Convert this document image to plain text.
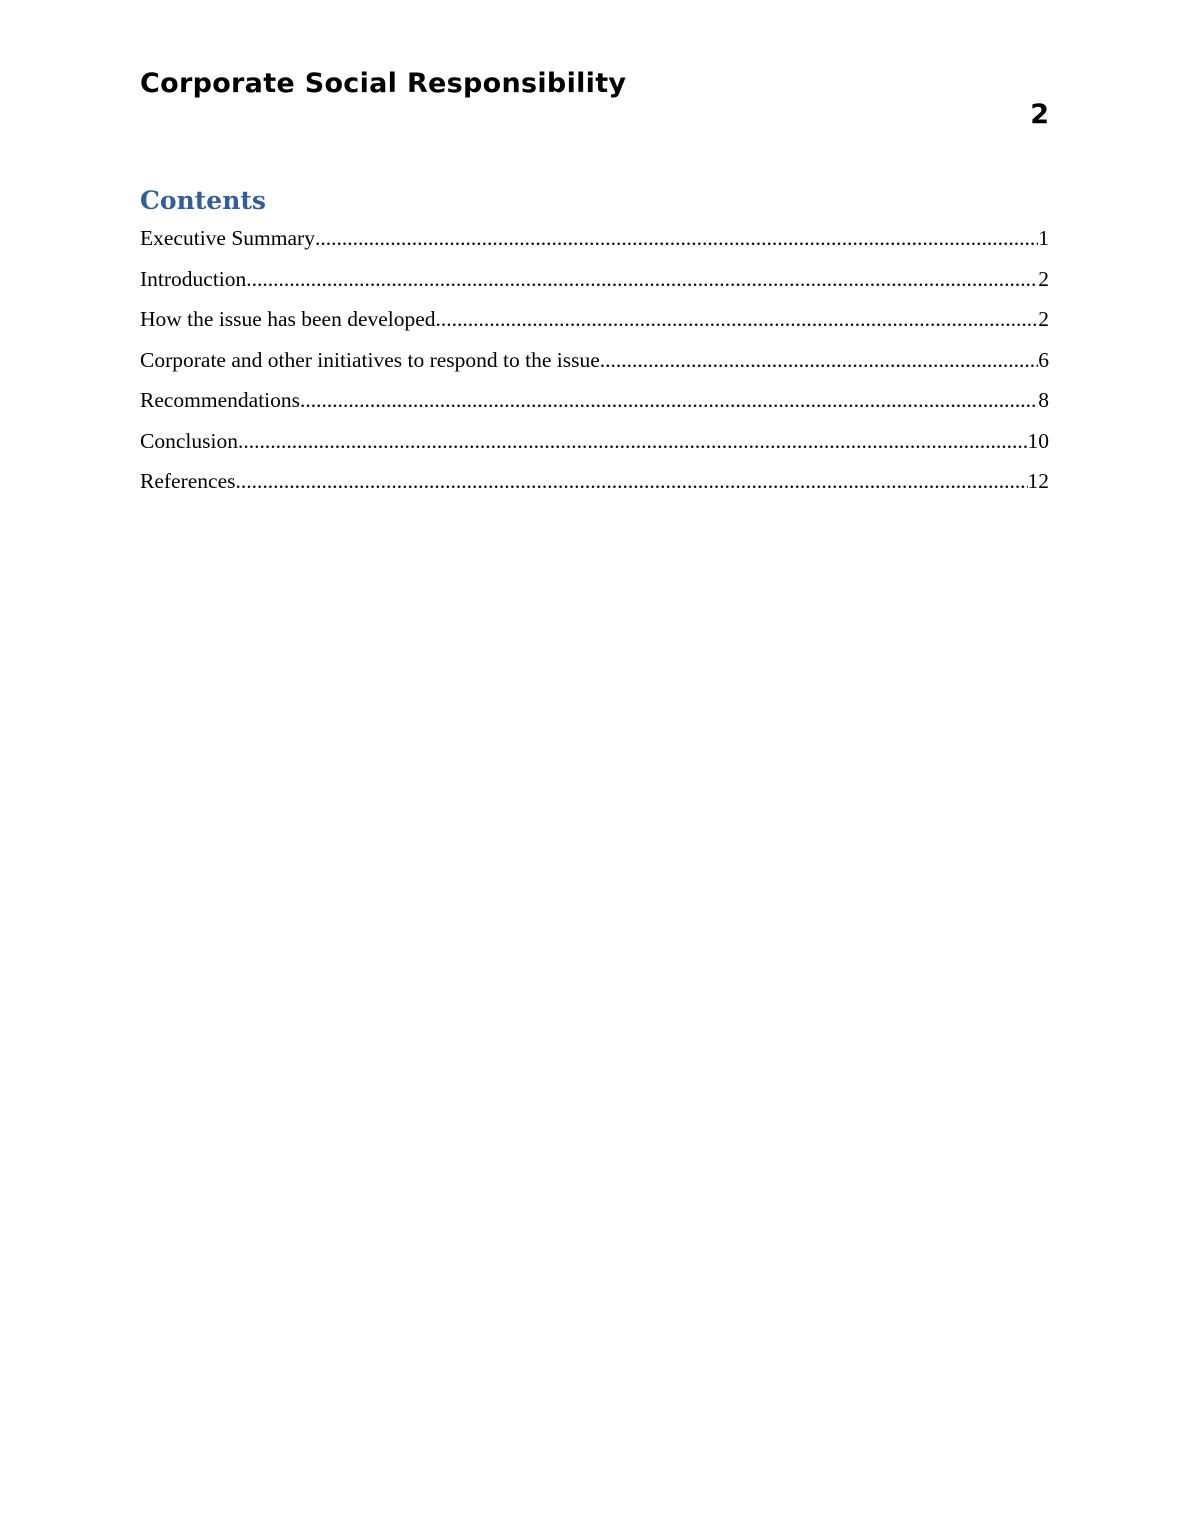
Corporate Social Responsibility
2
Contents
Executive Summary .....	1
Introduction .....	2
How the issue has been developed .....	2
Corporate and other initiatives to respond to the issue .....	6
Recommendations .....	8
Conclusion .....	10
References .....	12
